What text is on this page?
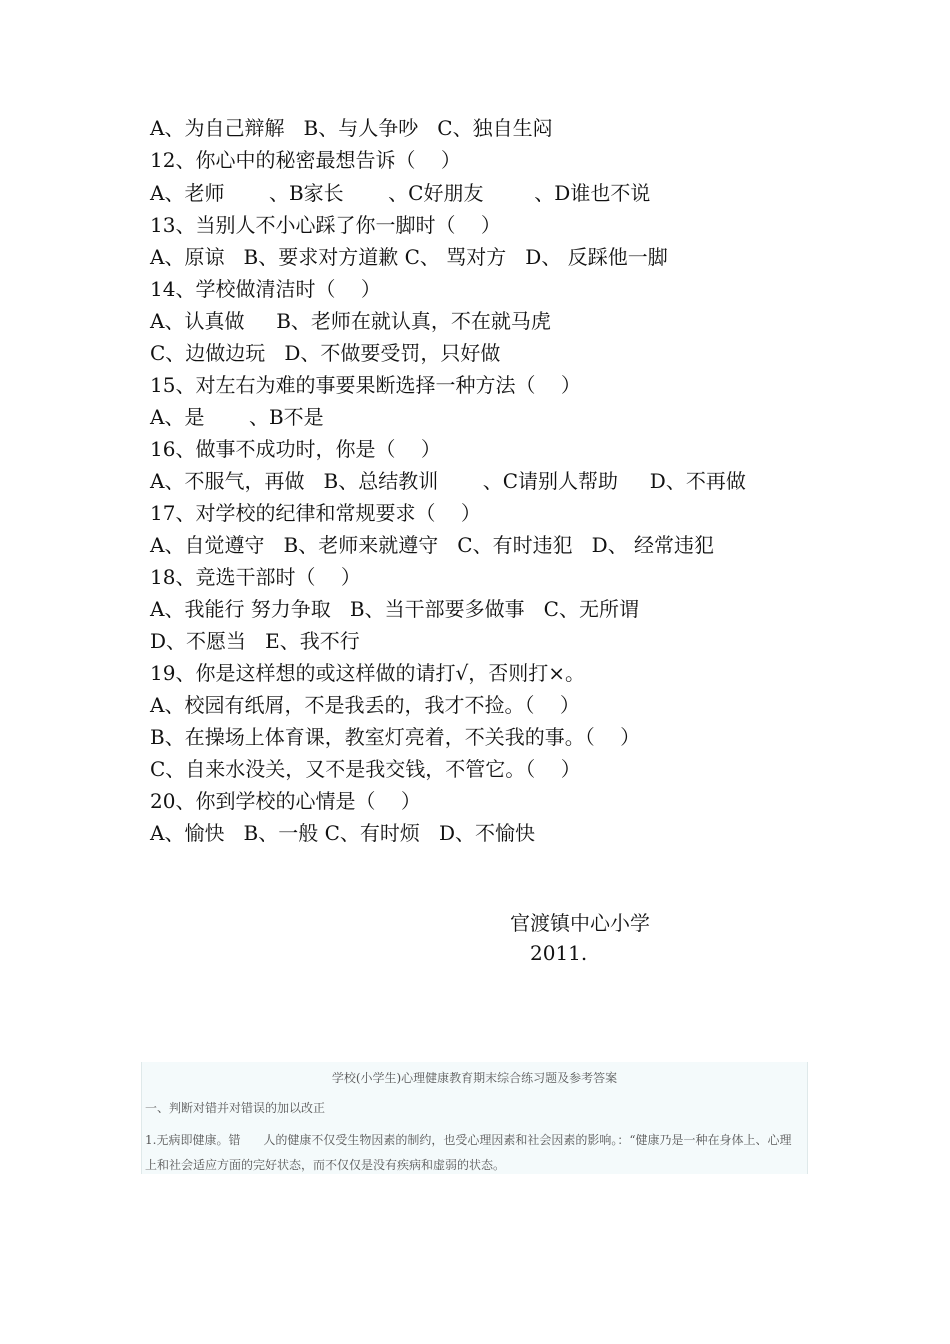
A、为自己辩解   B、与人争吵   C、独自生闷
12、你心中的秘密最想告诉（    ）
A、老师       、B家长       、C好朋友        、D谁也不说
13、当别人不小心踩了你一脚时（    ）
A、原谅   B、要求对方道歉 C、 骂对方   D、 反踩他一脚
14、学校做清洁时（    ）
A、认真做     B、老师在就认真，不在就马虎
C、边做边玩   D、不做要受罚，只好做
15、对左右为难的事要果断选择一种方法（    ）
A、是       、B不是
16、做事不成功时，你是（    ）
A、不服气，再做   B、总结教训       、C请别人帮助     D、不再做
17、对学校的纪律和常规要求（    ）
A、自觉遵守   B、老师来就遵守   C、有时违犯   D、 经常违犯
18、竞选干部时（    ）
A、我能行 努力争取   B、当干部要多做事   C、无所谓
D、不愿当   E、我不行
19、你是这样想的或这样做的请打√，否则打×。
A、校园有纸屑，不是我丢的，我才不捡。（    ）
B、在操场上体育课，教室灯亮着，不关我的事。（    ）
C、自来水没关，又不是我交钱，不管它。（    ）
20、你到学校的心情是（    ）
A、愉快   B、一般 C、有时烦   D、不愉快
官渡镇中心小学
2011.
学校(小学生)心理健康教育期末综合练习题及参考答案
一、判断对错并对错误的加以改正
1.无病即健康。错      人的健康不仅受生物因素的制约，也受心理因素和社会因素的影响。：“健康乃是一种在身体上、心理上和社会适应方面的完好状态，而不仅仅是没有疾病和虚弱的状态。
